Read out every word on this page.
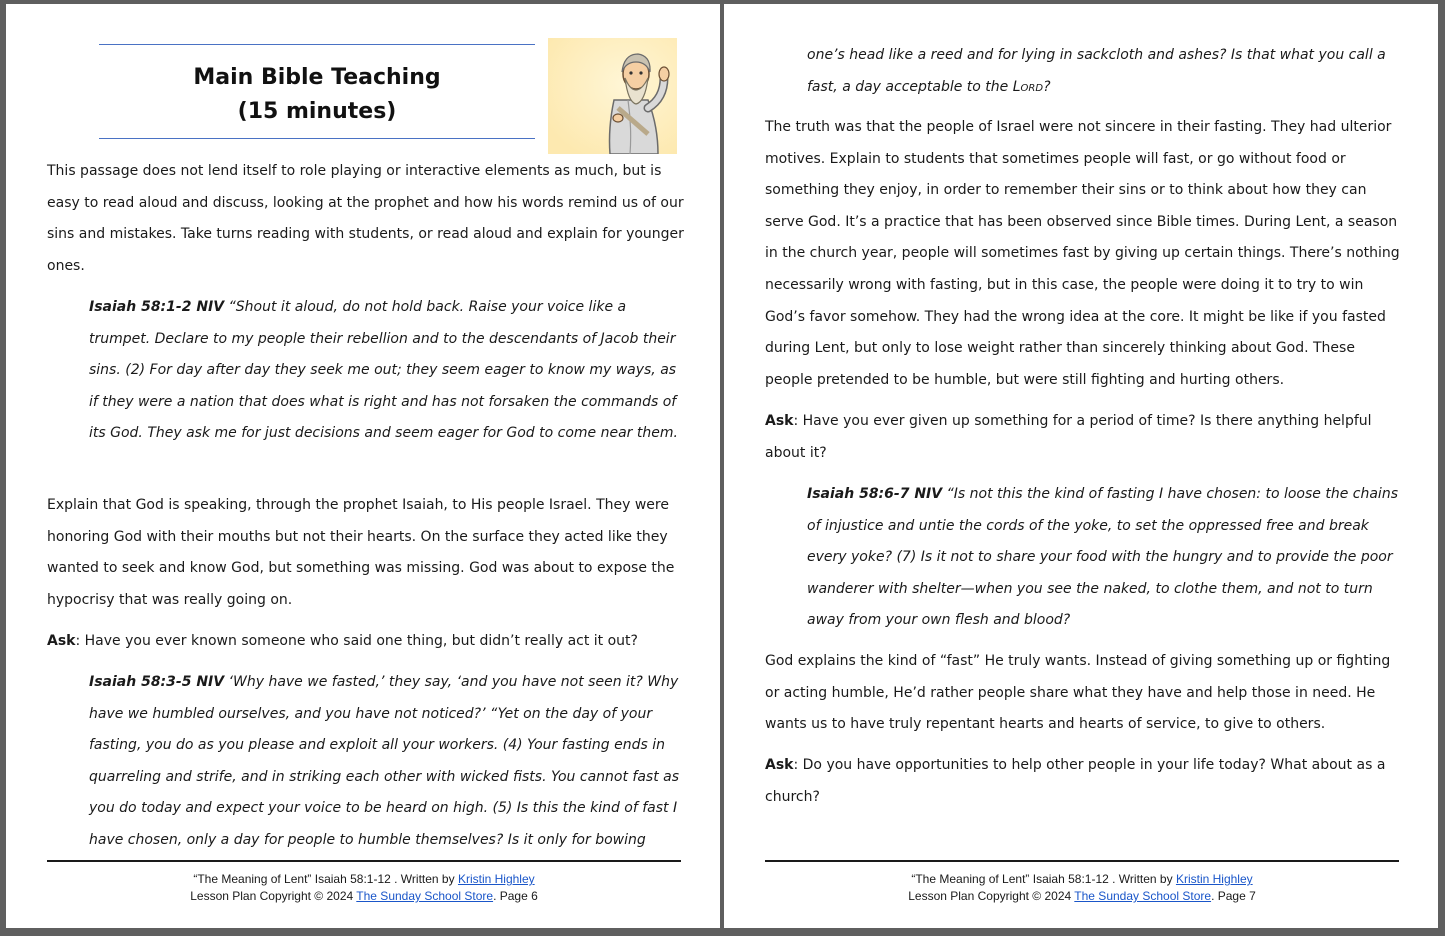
Main Bible Teaching
(15 minutes)

This passage does not lend itself to role playing or interactive elements as much, but is easy to read aloud and discuss, looking at the prophet and how his words remind us of our sins and mistakes. Take turns reading with students, or read aloud and explain for younger ones.

Isaiah 58:1-2 NIV “Shout it aloud, do not hold back. Raise your voice like a trumpet. Declare to my people their rebellion and to the descendants of Jacob their sins. (2) For day after day they seek me out; they seem eager to know my ways, as if they were a nation that does what is right and has not forsaken the commands of its God. They ask me for just decisions and seem eager for God to come near them.

Explain that God is speaking, through the prophet Isaiah, to His people Israel. They were honoring God with their mouths but not their hearts. On the surface they acted like they wanted to seek and know God, but something was missing. God was about to expose the hypocrisy that was really going on.

Ask: Have you ever known someone who said one thing, but didn’t really act it out?

Isaiah 58:3-5 NIV ‘Why have we fasted,’ they say, ‘and you have not seen it? Why have we humbled ourselves, and you have not noticed?’ “Yet on the day of your fasting, you do as you please and exploit all your workers. (4) Your fasting ends in quarreling and strife, and in striking each other with wicked fists. You cannot fast as you do today and expect your voice to be heard on high. (5) Is this the kind of fast I have chosen, only a day for people to humble themselves? Is it only for bowing

“The Meaning of Lent” Isaiah 58:1-12 . Written by Kristin Highley
Lesson Plan Copyright © 2024 The Sunday School Store. Page 6

one’s head like a reed and for lying in sackcloth and ashes? Is that what you call a fast, a day acceptable to the Lord?

The truth was that the people of Israel were not sincere in their fasting. They had ulterior motives. Explain to students that sometimes people will fast, or go without food or something they enjoy, in order to remember their sins or to think about how they can serve God. It’s a practice that has been observed since Bible times. During Lent, a season in the church year, people will sometimes fast by giving up certain things. There’s nothing necessarily wrong with fasting, but in this case, the people were doing it to try to win God’s favor somehow. They had the wrong idea at the core. It might be like if you fasted during Lent, but only to lose weight rather than sincerely thinking about God. These people pretended to be humble, but were still fighting and hurting others.

Ask: Have you ever given up something for a period of time? Is there anything helpful about it?

Isaiah 58:6-7 NIV “Is not this the kind of fasting I have chosen: to loose the chains of injustice and untie the cords of the yoke, to set the oppressed free and break every yoke? (7) Is it not to share your food with the hungry and to provide the poor wanderer with shelter—when you see the naked, to clothe them, and not to turn away from your own flesh and blood?

God explains the kind of “fast” He truly wants. Instead of giving something up or fighting or acting humble, He’d rather people share what they have and help those in need. He wants us to have truly repentant hearts and hearts of service, to give to others.

Ask: Do you have opportunities to help other people in your life today? What about as a church?

“The Meaning of Lent” Isaiah 58:1-12 . Written by Kristin Highley
Lesson Plan Copyright © 2024 The Sunday School Store. Page 7
